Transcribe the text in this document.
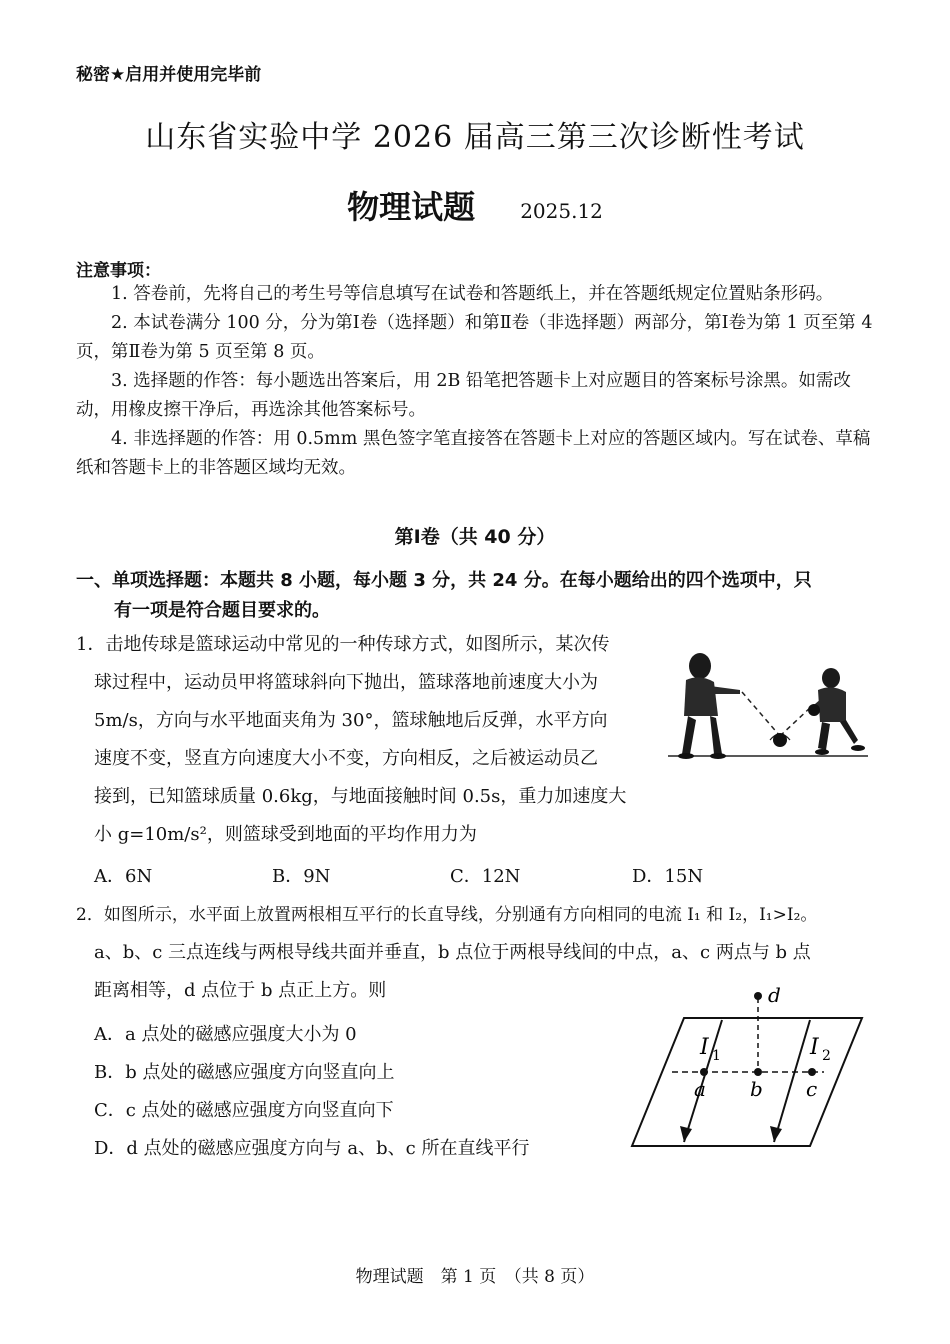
秘密★启用并使用完毕前
山东省实验中学 2026 届高三第三次诊断性考试
物理试题 2025.12
注意事项：

1. 答卷前，先将自己的考生号等信息填写在试卷和答题纸上，并在答题纸规定位置贴条形码。

2. 本试卷满分 100 分，分为第Ⅰ卷（选择题）和第Ⅱ卷（非选择题）两部分，第Ⅰ卷为第 1 页至第 4 页，第Ⅱ卷为第 5 页至第 8 页。

3. 选择题的作答：每小题选出答案后，用 2B 铅笔把答题卡上对应题目的答案标号涂黑。如需改动，用橡皮擦干净后，再选涂其他答案标号。

4. 非选择题的作答：用 0.5mm 黑色签字笔直接答在答题卡上对应的答题区域内。写在试卷、草稿纸和答题卡上的非答题区域均无效。

第Ⅰ卷（共 40 分）
一、单项选择题：本题共 8 小题，每小题 3 分，共 24 分。在每小题给出的四个选项中，只
有一项是符合题目要求的。
1．击地传球是篮球运动中常见的一种传球方式，如图所示，某次传
球过程中，运动员甲将篮球斜向下抛出，篮球落地前速度大小为
5m/s，方向与水平地面夹角为 30°，篮球触地后反弹，水平方向
速度不变，竖直方向速度大小不变，方向相反，之后被运动员乙
接到，已知篮球质量 0.6kg，与地面接触时间 0.5s，重力加速度大
小 g=10m/s²，则篮球受到地面的平均作用力为
A．6N	B．9N	C．12N	D．15N
2．如图所示，水平面上放置两根相互平行的长直导线，分别通有方向相同的电流 I₁ 和 I₂，I₁>I₂。
a、b、c 三点连线与两根导线共面并垂直，b 点位于两根导线间的中点，a、c 两点与 b 点
距离相等，d 点位于 b 点正上方。则
A．a 点处的磁感应强度大小为 0
B．b 点处的磁感应强度方向竖直向上
C．c 点处的磁感应强度方向竖直向下
D．d 点处的磁感应强度方向与 a、b、c 所在直线平行
d
I 1	I 2
a b c
物理试题　第 1 页　（共 8 页）
